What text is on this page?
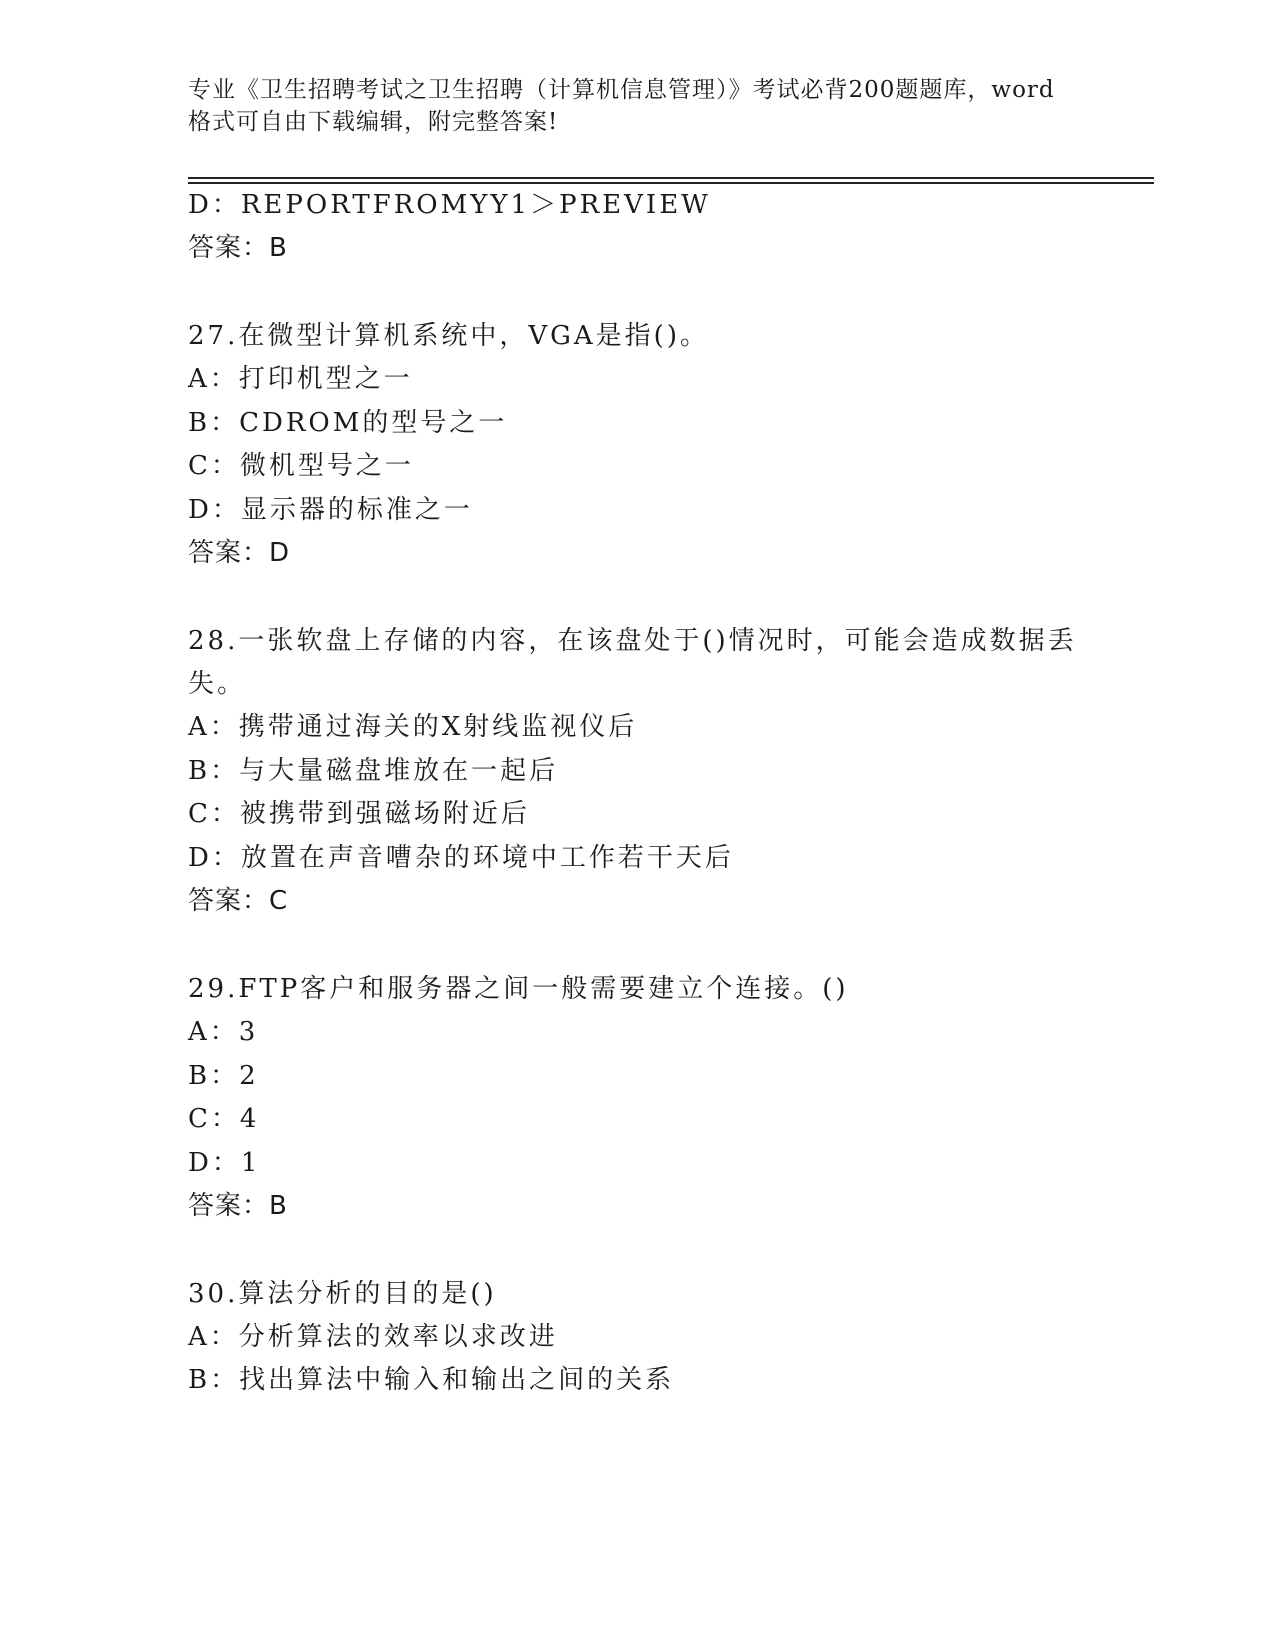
专业《卫生招聘考试之卫生招聘（计算机信息管理）》考试必背200题题库，word
格式可自由下载编辑，附完整答案!
D：REPORTFROMYY1＞PREVIEW
答案：B
27.在微型计算机系统中，VGA是指()。
A：打印机型之一
B：CDROM的型号之一
C：微机型号之一
D：显示器的标准之一
答案：D
28.一张软盘上存储的内容，在该盘处于()情况时，可能会造成数据丢
失。
A：携带通过海关的X射线监视仪后
B：与大量磁盘堆放在一起后
C：被携带到强磁场附近后
D：放置在声音嘈杂的环境中工作若干天后
答案：C
29.FTP客户和服务器之间一般需要建立个连接。()
A：3
B：2
C：4
D：1
答案：B
30.算法分析的目的是()
A：分析算法的效率以求改进
B：找出算法中输入和输出之间的关系
